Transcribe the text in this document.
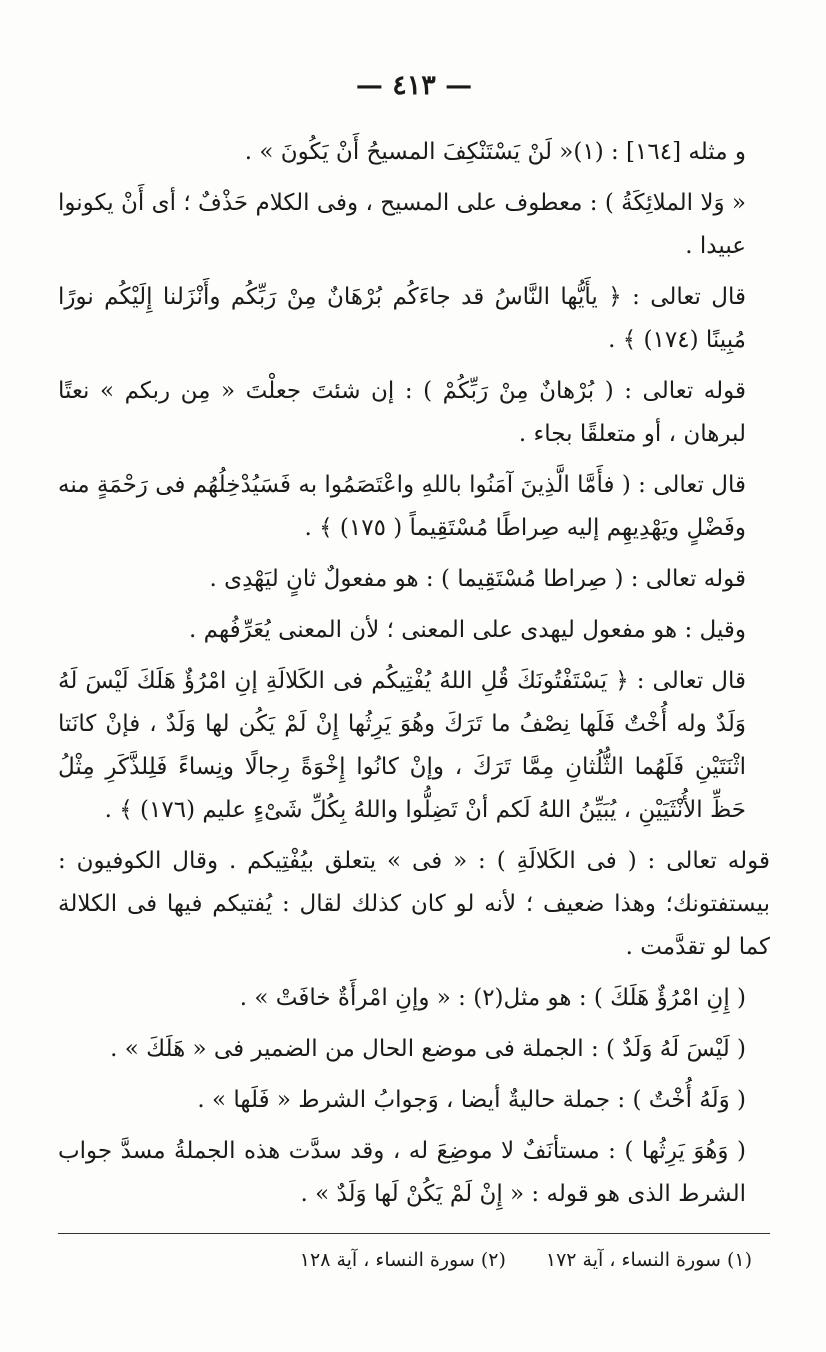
— ٤١٣ —

و مثله [١٦٤] : (١)« لَنْ يَسْتَنْكِفَ المسيحُ أَنْ يَكُونَ » .

« وَلا الملائِكَةُ ) : معطوف على المسيح ، وفى الكلام حَذْفٌ ؛ أى أَنْ يكونوا عبيدا .

قال تعالى : ﴿ يأَيُّها النَّاسُ قد جاءَكُم بُرْهَانٌ مِنْ رَبِّكُم وأَنْزَلنا إِلَيْكُم نورًا مُبِينًا (١٧٤) ﴾ .

قوله تعالى : ( بُرْهانٌ مِنْ رَبِّكُمْ ) : إن شئتَ جعلْتَ « مِن ربكم » نعتًا لبرهان ، أو متعلقًا بجاء .

قال تعالى : ( فأَمَّا الَّذِينَ آمَنُوا باللهِ واعْتَصَمُوا به فَسَيُدْخِلُهُم فى رَحْمَةٍ منه وفَضْلٍ ويَهْدِيهِم إليه صِراطًا مُسْتَقِيماً ( ١٧٥) ﴾ .

قوله تعالى : ( صِراطا مُسْتَقِيما ) : هو مفعولٌ ثانٍ ليَهْدِى .

وقيل : هو مفعول ليهدى على المعنى ؛ لأن المعنى يُعَرِّفُهم .

قال تعالى : ﴿ يَسْتَفْتُونَكَ قُلِ اللهُ يُفْتِيكُم فى الكَلالَةِ إنِ امْرُؤٌ هَلَكَ لَيْسَ لَهُ وَلَدٌ وله أُخْتٌ فَلَها نِصْفُ ما تَرَكَ وهُوَ يَرِثُها إِنْ لَمْ يَكُن لها وَلَدٌ ، فإنْ كانَتا اثْنَتَيْنِ فَلَهُما الثُّلُثانِ مِمَّا تَرَكَ ، وإنْ كانُوا إِخْوَةً رِجالًا ونِساءً فَلِلذَّكَرِ مِثْلُ حَظِّ الأُنْثَيَيْنِ ، يُبَيِّنُ اللهُ لَكم أنْ تَضِلُّوا واللهُ بِكُلِّ شَىْءٍ عليم (١٧٦) ﴾ .

قوله تعالى : ( فى الكَلالَةِ ) : « فى » يتعلق بيُفْتِيكم . وقال الكوفيون : بيستفتونك؛ وهذا ضعيف ؛ لأنه لو كان كذلك لقال : يُفتيكم فيها فى الكلالة كما لو تقدَّمت .

( إِنِ امْرُؤٌ هَلَكَ ) : هو مثل(٢) : « وإنِ امْرأَةٌ خافَتْ » .

( لَيْسَ لَهُ وَلَدٌ ) : الجملة فى موضع الحال من الضمير فى « هَلَكَ » .

( وَلَهُ أُخْتٌ ) : جملة حاليةٌ أيضا ، وَجوابُ الشرط « فَلَها » .

( وَهُوَ يَرِثُها ) : مستأنَفٌ لا موضِعَ له ، وقد سدَّت هذه الجملةُ مسدَّ جواب الشرط الذى هو قوله : « إِنْ لَمْ يَكُنْ لَها وَلَدٌ » .

(١) سورة النساء ، آية ١٧٢
(٢) سورة النساء ، آية ١٢٨
